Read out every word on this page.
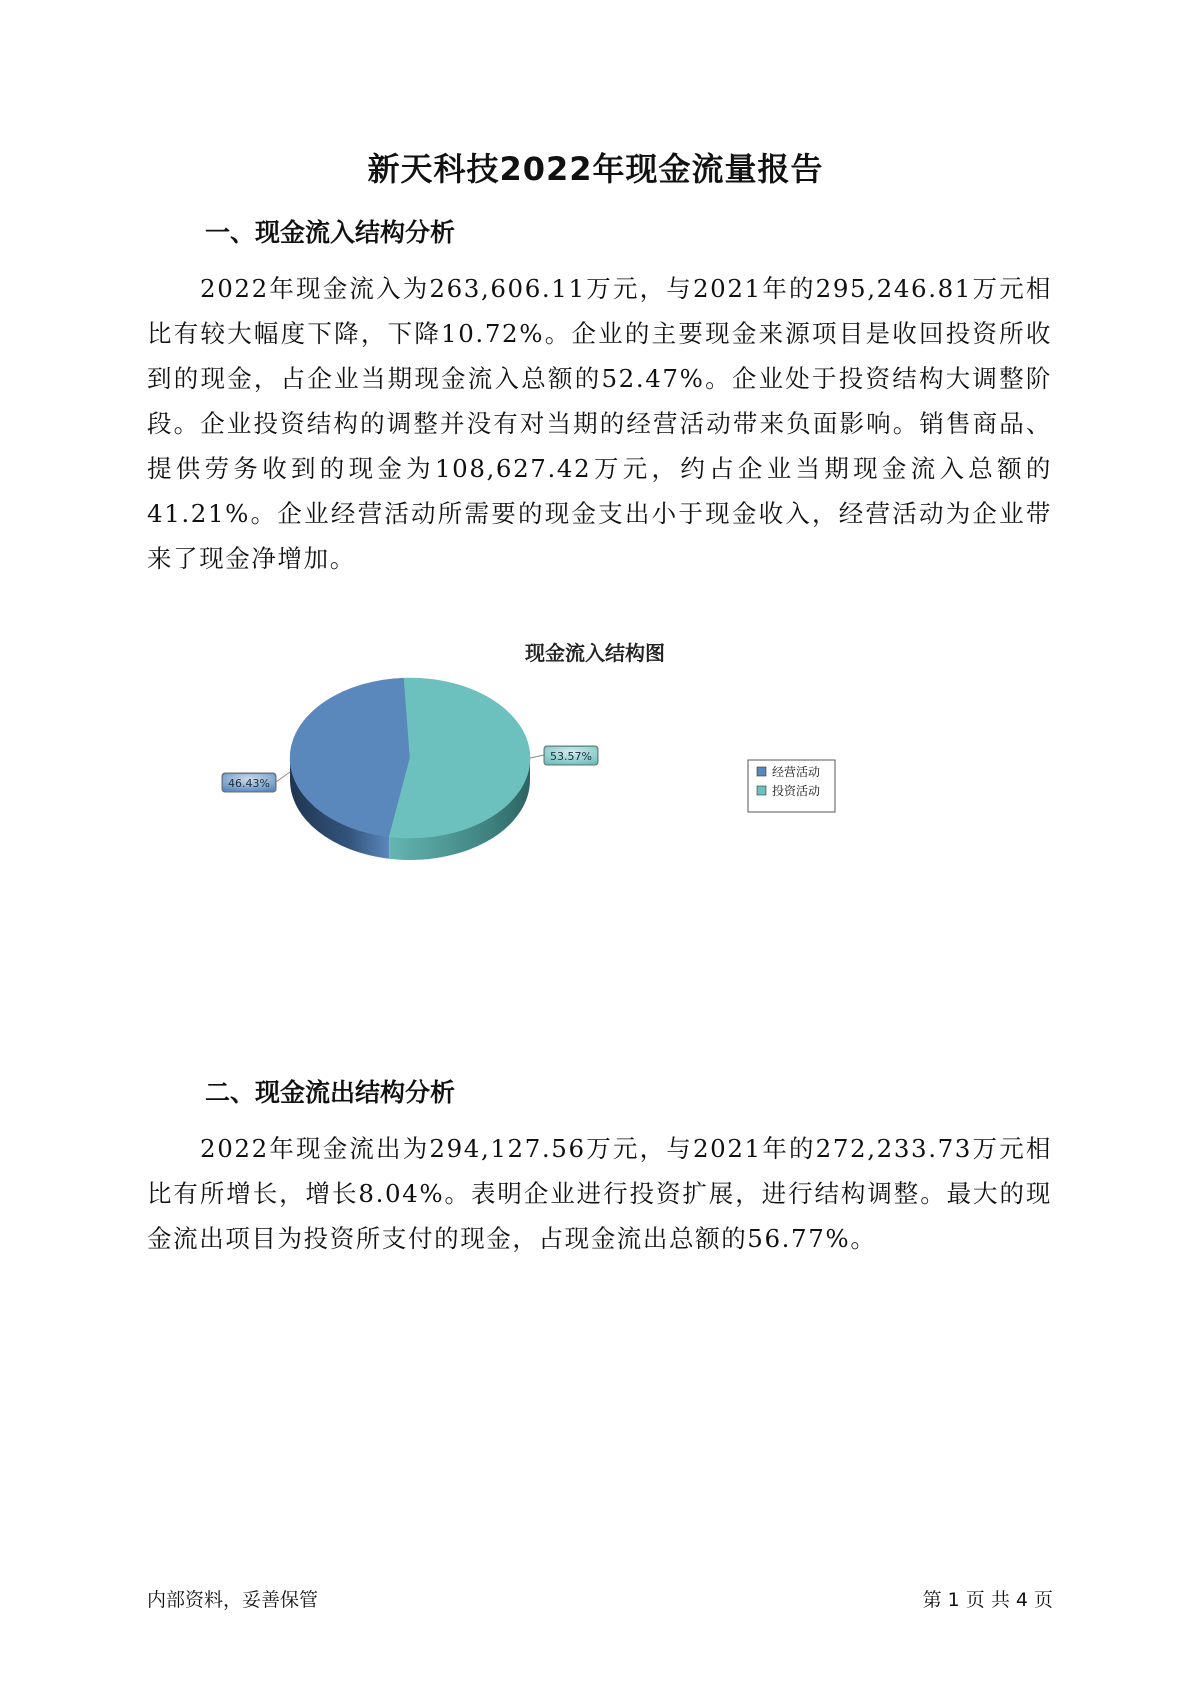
新天科技2022年现金流量报告
一、现金流入结构分析

2022年现金流入为263,606.11万元，与2021年的295,246.81万元相比有较大幅度下降，下降10.72%。企业的主要现金来源项目是收回投资所收到的现金，占企业当期现金流入总额的52.47%。企业处于投资结构大调整阶段。企业投资结构的调整并没有对当期的经营活动带来负面影响。销售商品、提供劳务收到的现金为108,627.42万元，约占企业当期现金流入总额的41.21%。企业经营活动所需要的现金支出小于现金收入，经营活动为企业带来了现金净增加。

现金流入结构图
46.43%
53.57%
经营活动
投资活动
二、现金流出结构分析

2022年现金流出为294,127.56万元，与2021年的272,233.73万元相比有所增长，增长8.04%。表明企业进行投资扩展，进行结构调整。最大的现金流出项目为投资所支付的现金，占现金流出总额的56.77%。

内部资料，妥善保管	第 1 页 共 4 页
